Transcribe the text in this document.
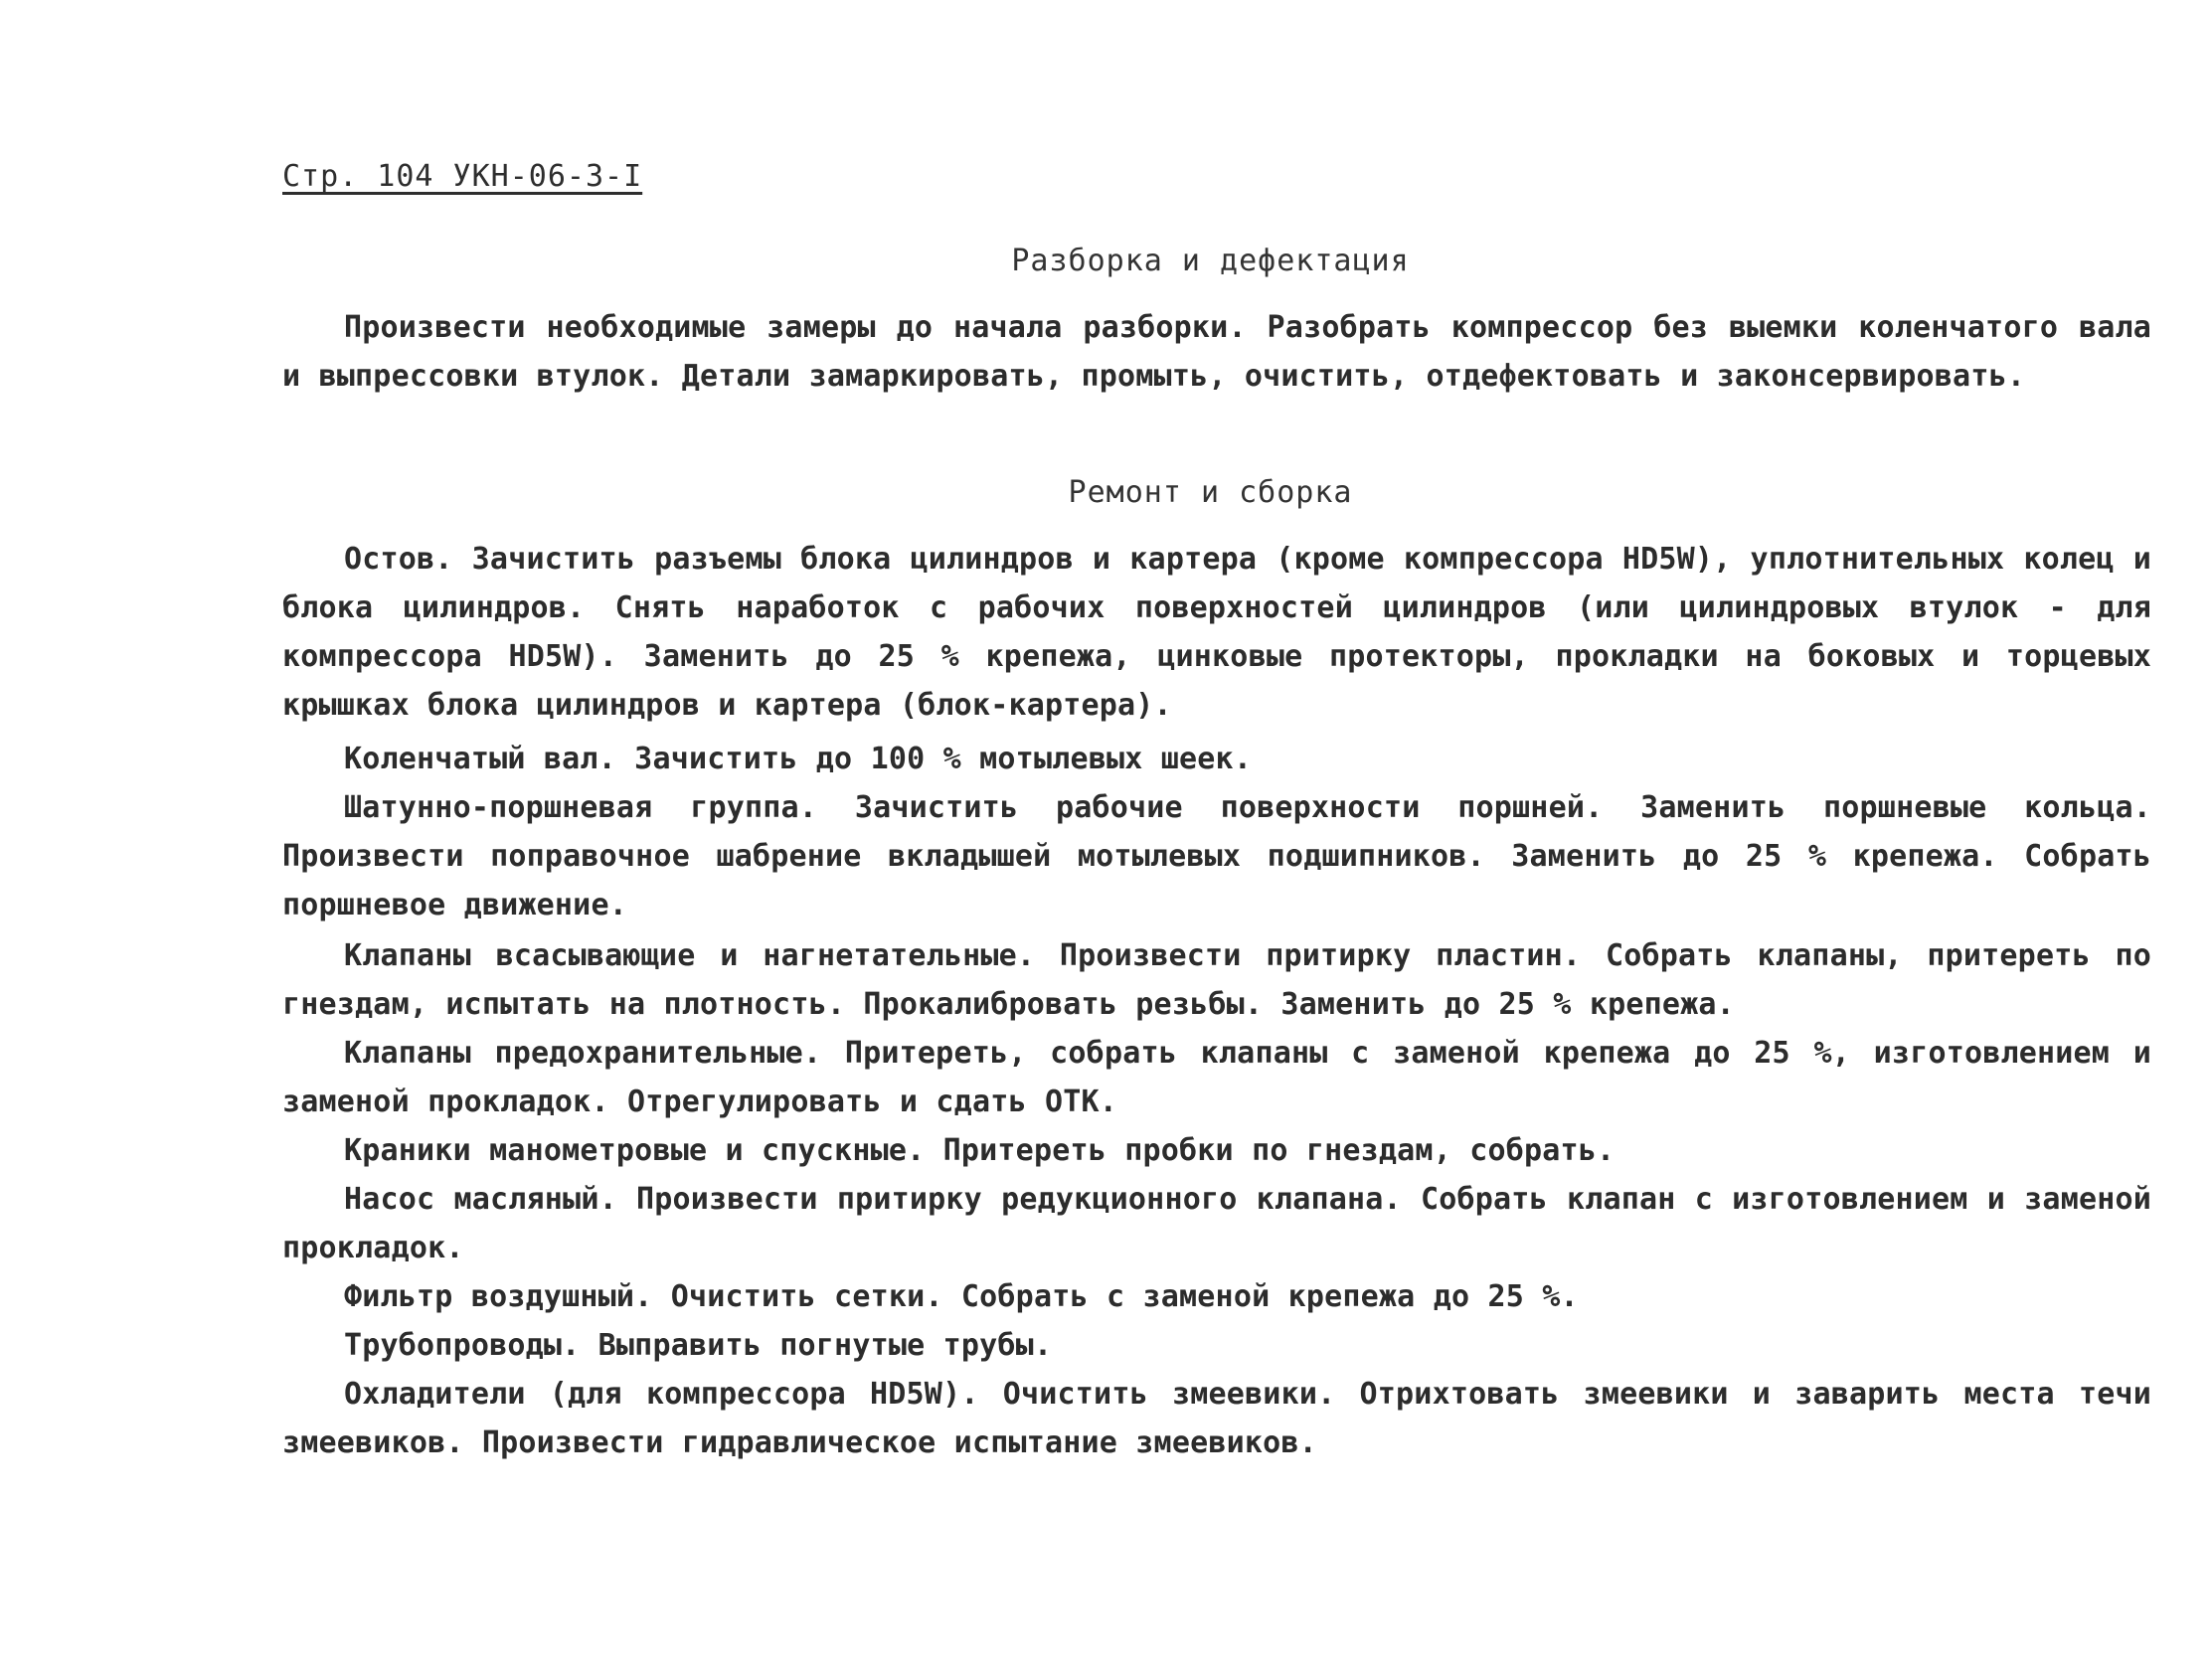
Стр. 104 УКН-06-3-I
Разборка и дефектация
Произвести необходимые замеры до начала разборки. Разобрать компрессор без выемки коленчатого вала и выпрессовки втулок. Детали замаркировать, промыть, очистить, отдефектовать и законсервировать.
Ремонт и сборка
Остов. Зачистить разъемы блока цилиндров и картера (кроме компрессора HD5W), уплотнительных колец и блока цилиндров. Снять наработок с рабочих поверхностей цилиндров (или цилиндровых втулок - для компрессора HD5W). Заменить до 25 % крепежа, цинковые протекторы, прокладки на боковых и торцевых крышках блока цилиндров и картера (блок-картера).
Коленчатый вал. Зачистить до 100 % мотылевых шеек.
Шатунно-поршневая группа. Зачистить рабочие поверхности поршней. Заменить поршневые кольца. Произвести поправочное шабрение вкладышей мотылевых подшипников. Заменить до 25 % крепежа. Собрать поршневое движение.
Клапаны всасывающие и нагнетательные. Произвести притирку пластин. Собрать клапаны, притереть по гнездам, испытать на плотность. Прокалибровать резьбы. Заменить до 25 % крепежа.
Клапаны предохранительные. Притереть, собрать клапаны с заменой крепежа до 25 %, изготовлением и заменой прокладок. Отрегулировать и сдать ОТК.
Краники манометровые и спускные. Притереть пробки по гнездам, собрать.
Насос масляный. Произвести притирку редукционного клапана. Собрать клапан с изготовлением и заменой прокладок.
Фильтр воздушный. Очистить сетки. Собрать с заменой крепежа до 25 %.
Трубопроводы. Выправить погнутые трубы.
Охладители (для компрессора HD5W). Очистить змеевики. Отрихтовать змеевики и заварить места течи змеевиков. Произвести гидравлическое испытание змеевиков.
